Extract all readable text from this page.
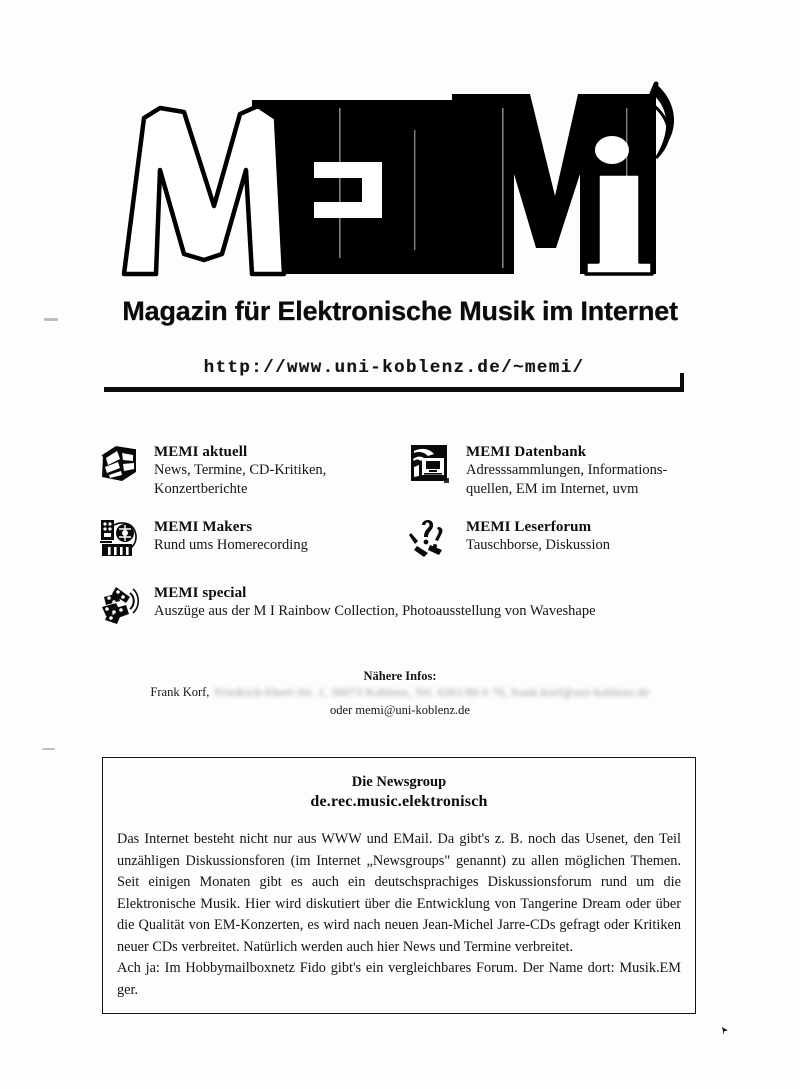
Magazin für Elektronische Musik im Internet
http://www.uni-koblenz.de/~memi/
MEMI aktuell
News, Termine, CD-Kritiken,
Konzertberichte
MEMI Datenbank
Adresssammlungen, Informations-
quellen, EM im Internet, uvm
MEMI Makers
Rund ums Homerecording
MEMI Leserforum
Tauschborse, Diskussion
MEMI special
Auszüge aus der M I Rainbow Collection, Photoausstellung von Waveshape
Nähere Infos:
Frank Korf, Friedrich-Ebert-Str. 1, 56073 Koblenz, Tel. 0261/80 0 70, frank.korf@uni-koblenz.de
oder memi@uni-koblenz.de
Die Newsgroup
de.rec.music.elektronisch

Das Internet besteht nicht nur aus WWW und EMail. Da gibt's z. B. noch das Usenet, den Teil unzähligen Diskussionsforen (im Internet „Newsgroups" genannt) zu allen möglichen Themen. Seit einigen Monaten gibt es auch ein deutschsprachiges Diskussionsforum rund um die Elektronische Musik. Hier wird diskutiert über die Entwicklung von Tangerine Dream oder über die Qualität von EM-Konzerten, es wird nach neuen Jean-Michel Jarre-CDs gefragt oder Kritiken neuer CDs verbreitet. Natürlich werden auch hier News und Termine verbreitet.

Ach ja: Im Hobbymailboxnetz Fido gibt's ein vergleichbares Forum. Der Name dort: Musik.EM ger.
